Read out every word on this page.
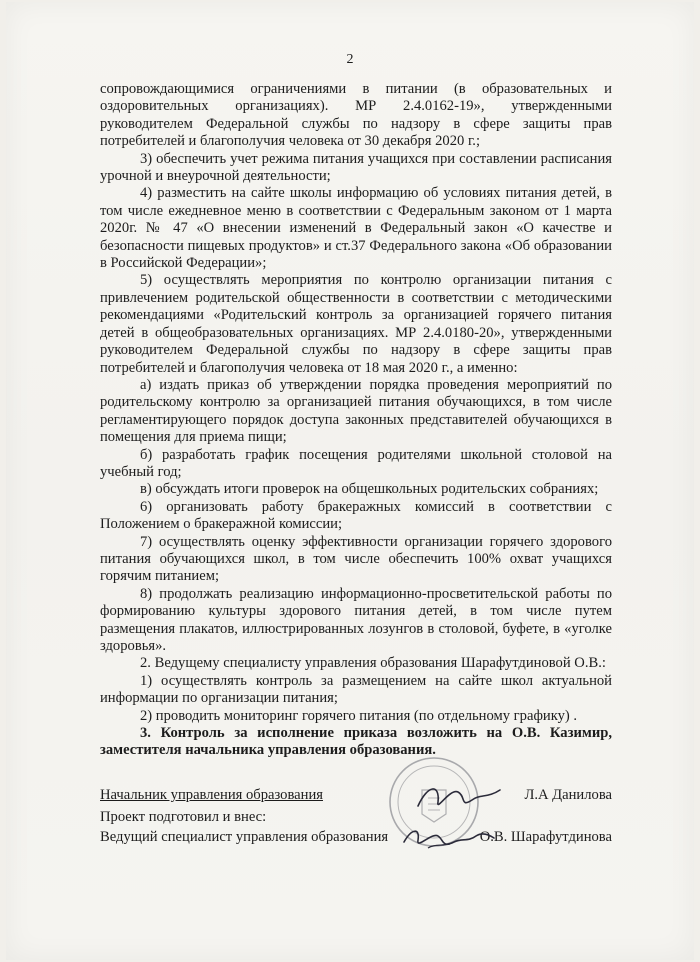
2

сопровождающимися ограничениями в питании (в образовательных и оздоровительных организациях). МР 2.4.0162-19», утвержденными руководителем Федеральной службы по надзору в сфере защиты прав потребителей и благополучия человека от 30 декабря 2020 г.;

3) обеспечить учет режима питания учащихся при составлении расписания урочной и внеурочной деятельности;

4) разместить на сайте школы информацию об условиях питания детей, в том числе ежедневное меню в соответствии с Федеральным законом от 1 марта 2020г. № 47 «О внесении изменений в Федеральный закон «О качестве и безопасности пищевых продуктов» и ст.37 Федерального закона «Об образовании в Российской Федерации»;

5) осуществлять мероприятия по контролю организации питания с привлечением родительской общественности в соответствии с методическими рекомендациями «Родительский контроль за организацией горячего питания детей в общеобразовательных организациях. МР 2.4.0180-20», утвержденными руководителем Федеральной службы по надзору в сфере защиты прав потребителей и благополучия человека от 18 мая 2020 г., а именно:

а) издать приказ об утверждении порядка проведения мероприятий по родительскому контролю за организацией питания обучающихся, в том числе регламентирующего порядок доступа законных представителей обучающихся в помещения для приема пищи;

б) разработать график посещения родителями школьной столовой на учебный год;

в) обсуждать итоги проверок на общешкольных родительских собраниях;

6) организовать работу бракеражных комиссий в соответствии с Положением о бракеражной комиссии;

7) осуществлять оценку эффективности организации горячего здорового питания обучающихся школ, в том числе обеспечить 100% охват учащихся горячим питанием;

8) продолжать реализацию информационно-просветительской работы по формированию культуры здорового питания детей, в том числе путем размещения плакатов, иллюстрированных лозунгов в столовой, буфете, в «уголке здоровья».

2. Ведущему специалисту управления образования Шарафутдиновой О.В.:

1) осуществлять контроль за размещением на сайте школ актуальной информации по организации питания;

2) проводить мониторинг горячего питания (по отдельному графику) .

3. Контроль за исполнение приказа возложить на О.В. Казимир, заместителя начальника управления образования.

Начальник управления образования	Л.А Данилова
Проект подготовил и внес:
Ведущий специалист управления образования	О.В. Шарафутдинова
